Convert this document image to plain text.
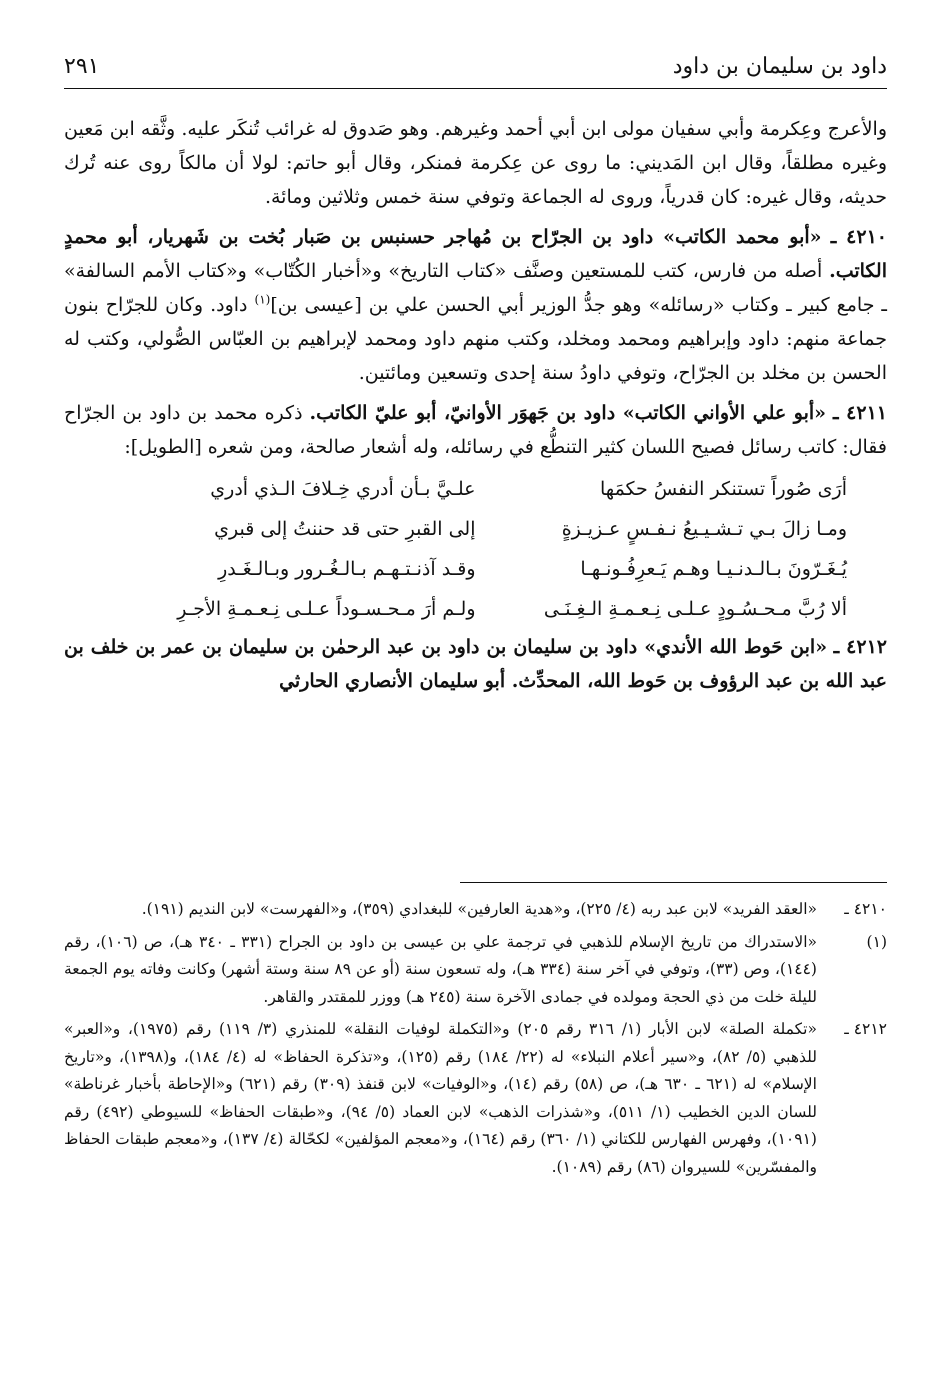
داود بن سليمان بن داود
٢٩١

والأعرج وعِكرمة وأبي سفيان مولى ابن أبي أحمد وغيرهم. وهو صَدوق له غرائب تُنكَر عليه. وثَّقه ابن مَعين وغيره مطلقاً، وقال ابن المَديني: ما روى عن عِكرمة فمنكر، وقال أبو حاتم: لولا أن مالكاً روى عنه تُرك حديثه، وقال غيره: كان قدرياً، وروى له الجماعة وتوفي سنة خمس وثلاثين ومائة.

٤٢١٠ ـ «أبو محمد الكاتب» داود بن الجرّاح بن مُهاجر حسنبس بن صَبار بُخت بن شَهريار، أبو محمدٍ الكاتب. أصله من فارس، كتب للمستعين وصنَّف «كتاب التاريخ» و«أخبار الكُتّاب» و«كتاب الأمم السالفة» ـ جامع كبير ـ وكتاب «رسائله» وهو جدُّ الوزير أبي الحسن علي بن [عيسى بن]$^{(١)}$ داود. وكان للجرّاح بنون جماعة منهم: داود وإبراهيم ومحمد ومخلد، وكتب منهم داود ومحمد لإبراهيم بن العبّاس الصُّولي، وكتب له الحسن بن مخلد بن الجرّاح، وتوفي داودُ سنة إحدى وتسعين ومائتين.

٤٢١١ ـ «أبو علي الأواني الكاتب» داود بن جَهوَر الأوانيّ، أبو عليّ الكاتب. ذكره محمد بن داود بن الجرّاح فقال: كاتب رسائل فصيح اللسان كثير التنطُّع في رسائله، وله أشعار صالحة، ومن شعره [الطويل]:

أرَى صُوراً تستنكر النفسُ حكمَها
علـيَّ بـأن أدري خِـلافَ الـذي أدري
ومـا زالَ بـي تـشـيـيعُ نـفـسٍ عـزيـزةٍ
إلى القبرِ حتى قد حننتُ إلى قبري
يُـغَـرّونَ بـالـدنـيـا وهـم يَـعرِفُـونـهـا
وقـد آذنـتـهـم بـالـغُـرور وبـالـغَـدرِ
ألا رُبَّ مـحـسُـودٍ عـلـى نِـعـمـةِ الـغِـنَـى
ولـم أرَ مـحـسـوداً عـلـى نِـعـمـةِ الأجـرِ

٤٢١٢ ـ «ابن حَوط الله الأندي» داود بن سليمان بن داود بن عبد الرحمٰن بن سليمان بن عمر بن خلف بن عبد الله بن عبد الرؤوف بن حَوط الله، المحدِّث. أبو سليمان الأنصاري الحارثي

٤٢١٠ ـ
«العقد الفريد» لابن عبد ربه (٤/ ٢٢٥)، و«هدية العارفين» للبغدادي (٣٥٩)، و«الفهرست» لابن النديم (١٩١).
(١)
«الاستدراك من تاريخ الإسلام للذهبي في ترجمة علي بن عيسى بن داود بن الجراح (٣٣١ ـ ٣٤٠ هـ)، ص (١٠٦)، رقم (١٤٤)، وص (٣٣)، وتوفي في آخر سنة (٣٣٤ هـ)، وله تسعون سنة (أو عن ٨٩ سنة وستة أشهر) وكانت وفاته يوم الجمعة لليلة خلت من ذي الحجة ومولده في جمادى الآخرة سنة (٢٤٥ هـ) ووزر للمقتدر والقاهر.
٤٢١٢ ـ
«تكملة الصلة» لابن الأبار (١/ ٣١٦ رقم ٢٠٥) و«التكملة لوفيات النقلة» للمنذري (٣/ ١١٩) رقم (١٩٧٥)، و«العبر» للذهبي (٥/ ٨٢)، و«سير أعلام النبلاء» له (٢٢/ ١٨٤) رقم (١٢٥)، و«تذكرة الحفاظ» له (٤/ ١٨٤)، و(١٣٩٨)، و«تاريخ الإسلام» له (٦٢١ ـ ٦٣٠ هـ)، ص (٥٨) رقم (١٤)، و«الوفيات» لابن قنفذ (٣٠٩) رقم (٦٢١) و«الإحاطة بأخبار غرناطة» للسان الدين الخطيب (١/ ٥١١)، و«شذرات الذهب» لابن العماد (٥/ ٩٤)، و«طبقات الحفاظ» للسيوطي (٤٩٢) رقم (١٠٩١)، وفهرس الفهارس للكتاني (١/ ٣٦٠) رقم (١٦٤)، و«معجم المؤلفين» لكحّالة (٤/ ١٣٧)، و«معجم طبقات الحفاظ والمفسّرين» للسيروان (٨٦) رقم (١٠٨٩).
